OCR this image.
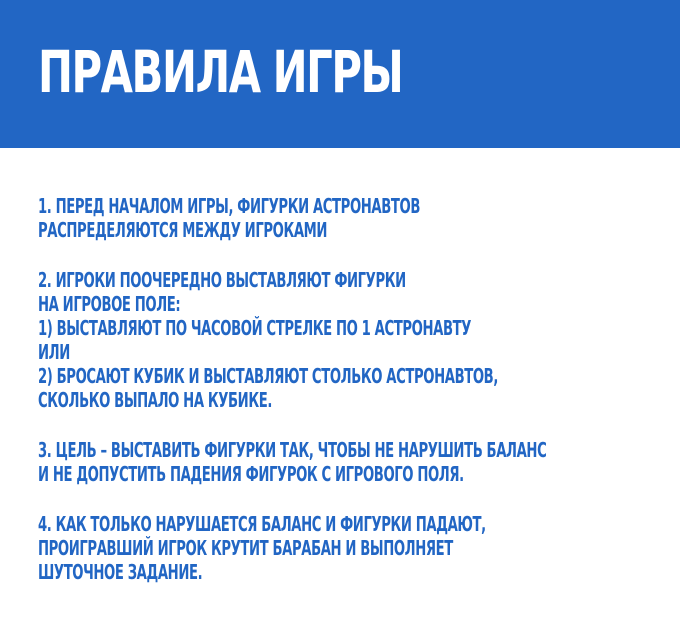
ПРАВИЛА ИГРЫ
1. ПЕРЕД НАЧАЛОМ ИГРЫ, ФИГУРКИ АСТРОНАВТОВ
РАСПРЕДЕЛЯЮТСЯ МЕЖДУ ИГРОКАМИ
2. ИГРОКИ ПООЧЕРЕДНО ВЫСТАВЛЯЮТ ФИГУРКИ
НА ИГРОВОЕ ПОЛЕ:
1) ВЫСТАВЛЯЮТ ПО ЧАСОВОЙ СТРЕЛКЕ ПО 1 АСТРОНАВТУ
ИЛИ
2) БРОСАЮТ КУБИК И ВЫСТАВЛЯЮТ СТОЛЬКО АСТРОНАВТОВ,
СКОЛЬКО ВЫПАЛО НА КУБИКЕ.
3. ЦЕЛЬ – ВЫСТАВИТЬ ФИГУРКИ ТАК, ЧТОБЫ НЕ НАРУШИТЬ БАЛАНС
И НЕ ДОПУСТИТЬ ПАДЕНИЯ ФИГУРОК С ИГРОВОГО ПОЛЯ.
4. КАК ТОЛЬКО НАРУШАЕТСЯ БАЛАНС И ФИГУРКИ ПАДАЮТ,
ПРОИГРАВШИЙ ИГРОК КРУТИТ БАРАБАН И ВЫПОЛНЯЕТ
ШУТОЧНОЕ ЗАДАНИЕ.
